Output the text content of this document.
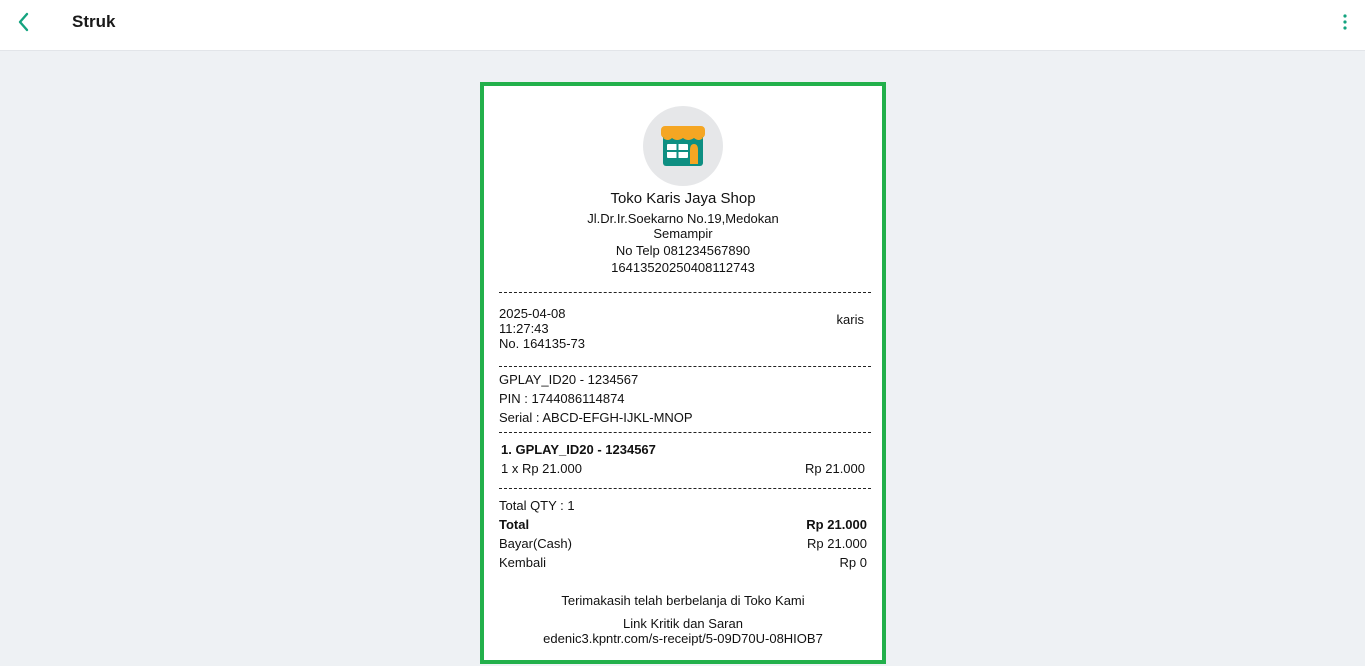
Struk
Toko Karis Jaya Shop
Jl.Dr.Ir.Soekarno No.19,Medokan
Semampir
No Telp 081234567890
16413520250408112743
2025-04-08	karis
11:27:43
No. 164135-73
GPLAY_ID20 - 1234567
PIN : 1744086114874
Serial : ABCD-EFGH-IJKL-MNOP
1. GPLAY_ID20 - 1234567
1 x Rp 21.000	Rp 21.000
Total QTY : 1
Total	Rp 21.000
Bayar(Cash)	Rp 21.000
Kembali	Rp 0
Terimakasih telah berbelanja di Toko Kami
Link Kritik dan Saran
edenic3.kpntr.com/s-receipt/5-09D70U-08HIOB7
